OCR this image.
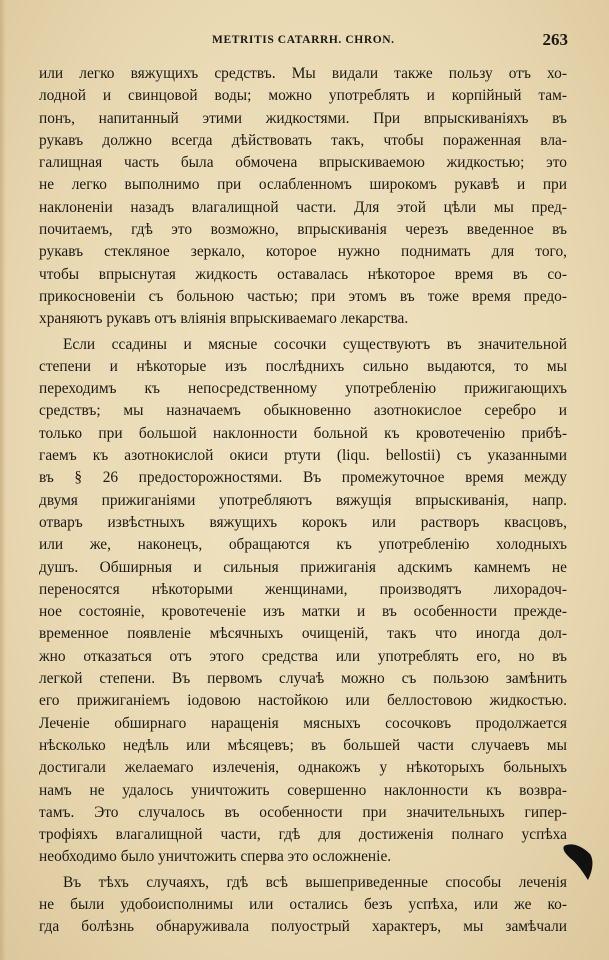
METRITIS CATARRH. CHRON.	263
или легко вяжущихъ средствъ. Мы видали также пользу отъ хо-
лодной и свинцовой воды; можно употреблять и корпійный там-
понъ, напитанный этими жидкостями. При впрыскиваніяхъ въ
рукавъ должно всегда дѣйствовать такъ, чтобы пораженная вла-
галищная часть была обмочена впрыскиваемою жидкостью; это
не легко выполнимо при ослабленномъ широкомъ рукавѣ и при
наклоненіи назадъ влагалищной части. Для этой цѣли мы пред-
почитаемъ, гдѣ это возможно, впрыскиванія черезъ введенное въ
рукавъ стекляное зеркало, которое нужно поднимать для того,
чтобы впрыснутая жидкость оставалась нѣкоторое время въ со-
прикосновеніи съ больною частью; при этомъ въ тоже время предо-
храняютъ рукавъ отъ вліянія впрыскиваемаго лекарства.
Если ссадины и мясные сосочки существуютъ въ значительной
степени и нѣкоторые изъ послѣднихъ сильно выдаются, то мы
переходимъ къ непосредственному употребленію прижигающихъ
средствъ; мы назначаемъ обыкновенно азотнокислое серебро и
только при большой наклонности больной къ кровотеченію прибѣ-
гаемъ къ азотнокислой окиси ртути (liqu. bellostii) съ указанными
въ § 26 предосторожностями. Въ промежуточное время между
двумя прижиганіями употребляютъ вяжущія впрыскиванія, напр.
отваръ извѣстныхъ вяжущихъ корокъ или растворъ квасцовъ,
или же, наконецъ, обращаются къ употребленію холодныхъ
душъ. Обширныя и сильныя прижиганія адскимъ камнемъ не
переносятся нѣкоторыми женщинами, производятъ лихорадоч-
ное состояніе, кровотеченіе изъ матки и въ особенности преждe-
временное появленіе мѣсячныхъ очищеній, такъ что иногда дол-
жно отказаться отъ этого средства или употреблять его, но въ
легкой степени. Въ первомъ случаѣ можно съ пользою замѣнить
его прижиганіемъ іодовою настойкою или беллостовою жидкостью.
Леченіе обширнаго наращенія мясныхъ сосочковъ продолжается
нѣсколько недѣль или мѣсяцевъ; въ большей части случаевъ мы
достигали желаемаго излеченія, однакожъ у нѣкоторыхъ больныхъ
намъ не удалось уничтожить совершенно наклонности къ возвра-
тамъ. Это случалось въ особенности при значительныхъ гипер-
трофіяхъ влагалищной части, гдѣ для достиженія полнаго успѣха
необходимо было уничтожить сперва это осложненіе.
Въ тѣхъ случаяхъ, гдѣ всѣ вышеприведенные способы леченія
не были удобоисполнимы или остались безъ успѣха, или же ко-
гда болѣзнь обнаруживала полуострый характеръ, мы замѣчали
